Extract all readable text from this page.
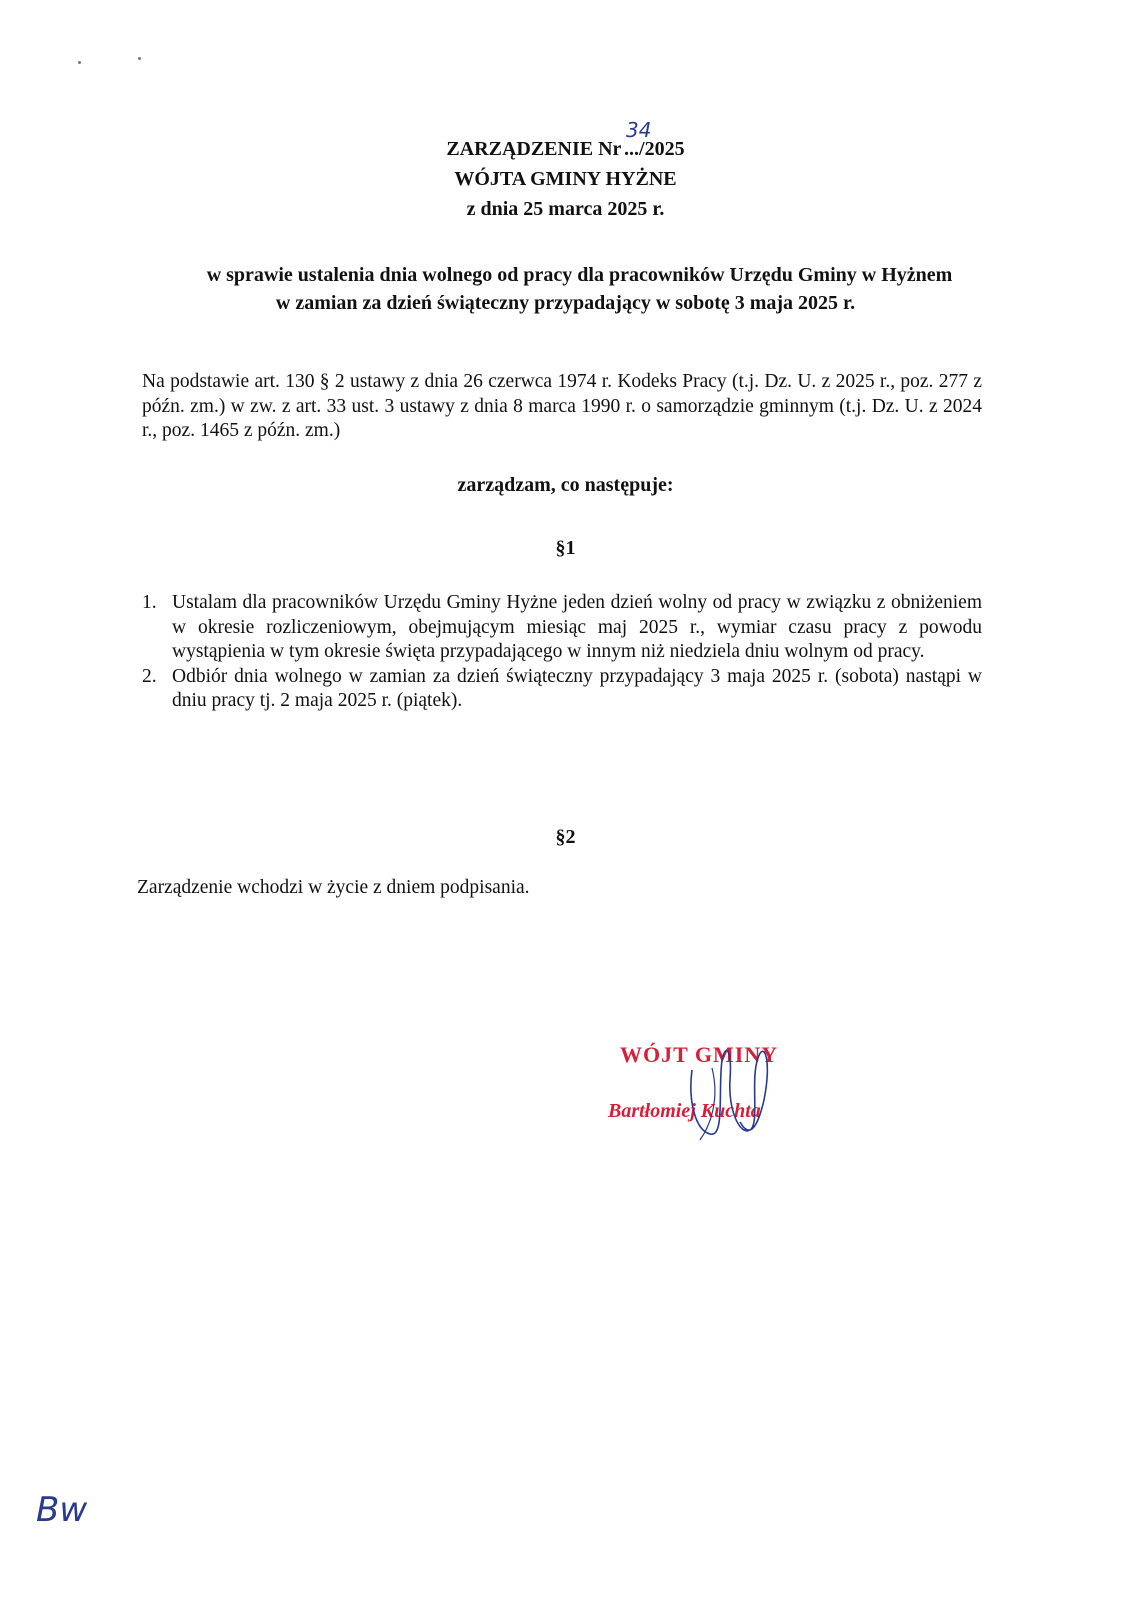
ZARZĄDZENIE Nr ...
34
/2025
WÓJTA GMINY HYŻNE
z dnia 25 marca 2025 r.
w sprawie ustalenia dnia wolnego od pracy dla pracowników Urzędu Gminy w Hyżnem
w zamian za dzień świąteczny przypadający w sobotę 3 maja 2025 r.
Na podstawie art. 130 § 2 ustawy z dnia 26 czerwca 1974 r. Kodeks Pracy (t.j. Dz. U. z 2025 r., poz. 277 z późn. zm.) w zw. z art. 33 ust. 3 ustawy z dnia 8 marca 1990 r. o samorządzie gminnym (t.j. Dz. U. z 2024 r., poz. 1465 z późn. zm.)
zarządzam, co następuje:
§1
1. Ustalam dla pracowników Urzędu Gminy Hyżne jeden dzień wolny od pracy w związku z obniżeniem w okresie rozliczeniowym, obejmującym miesiąc maj 2025 r., wymiar czasu pracy z powodu wystąpienia w tym okresie święta przypadającego w innym niż niedziela dniu wolnym od pracy.
2. Odbiór dnia wolnego w zamian za dzień świąteczny przypadający 3 maja 2025 r. (sobota) nastąpi w dniu pracy tj. 2 maja 2025 r. (piątek).
§2
Zarządzenie wchodzi w życie z dniem podpisania.
WÓJT GMINY
Bartłomiej Kuchta
Bw
